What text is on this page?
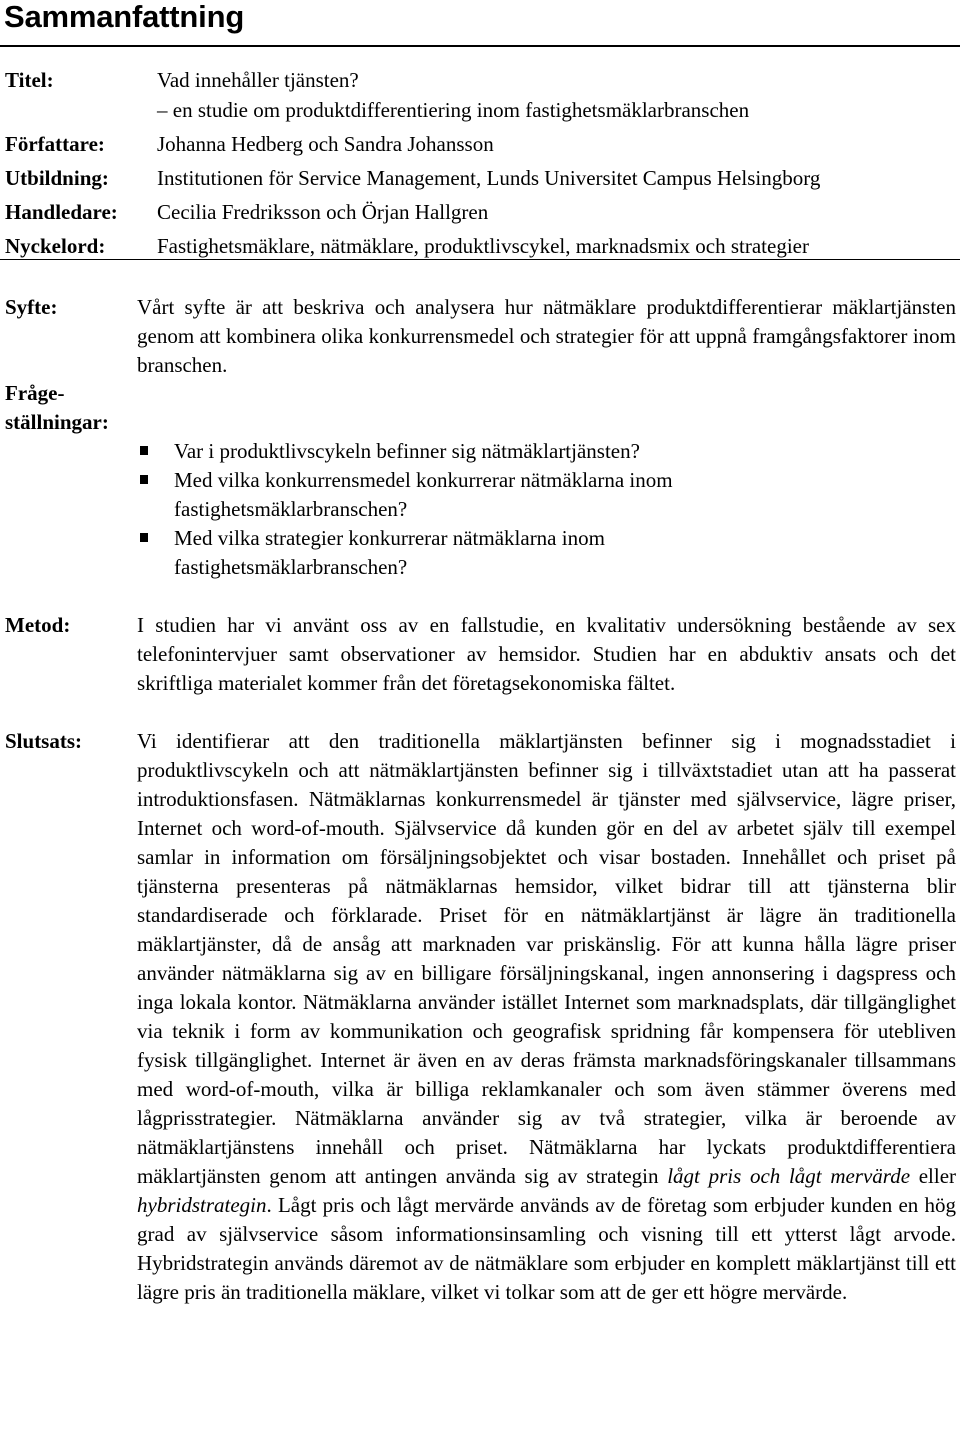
Sammanfattning
Titel:	Vad innehåller tjänsten?
– en studie om produktdifferentiering inom fastighetsmäklarbranschen
Författare: Johanna Hedberg och Sandra Johansson
Utbildning: Institutionen för Service Management, Lunds Universitet Campus Helsingborg
Handledare: Cecilia Fredriksson och Örjan Hallgren
Nyckelord: Fastighetsmäklare, nätmäklare, produktlivscykel, marknadsmix och strategier
Syfte:	Vårt syfte är att beskriva och analysera hur nätmäklare produktdifferentierar mäklartjänsten genom att kombinera olika konkurrensmedel och strategier för att uppnå framgångsfaktorer inom branschen.

Fråge-
ställningar:
Var i produktlivscykeln befinner sig nätmäklartjänsten?
Med vilka konkurrensmedel konkurrerar nätmäklarna inom fastighetsmäklarbranschen?
Med vilka strategier konkurrerar nätmäklarna inom fastighetsmäklarbranschen?
Metod:	I studien har vi använt oss av en fallstudie, en kvalitativ undersökning bestående av sex telefonintervjuer samt observationer av hemsidor. Studien har en abduktiv ansats och det skriftliga materialet kommer från det företagsekonomiska fältet.

Slutsats:	Vi identifierar att den traditionella mäklartjänsten befinner sig i mognadsstadiet i produktlivscykeln och att nätmäklartjänsten befinner sig i tillväxtstadiet utan att ha passerat introduktionsfasen. Nätmäklarnas konkurrensmedel är tjänster med självservice, lägre priser, Internet och word-of-mouth. Självservice då kunden gör en del av arbetet själv till exempel samlar in information om försäljningsobjektet och visar bostaden. Innehållet och priset på tjänsterna presenteras på nätmäklarnas hemsidor, vilket bidrar till att tjänsterna blir standardiserade och förklarade. Priset för en nätmäklartjänst är lägre än traditionella mäklartjänster, då de ansåg att marknaden var priskänslig. För att kunna hålla lägre priser använder nätmäklarna sig av en billigare försäljningskanal, ingen annonsering i dagspress och inga lokala kontor. Nätmäklarna använder istället Internet som marknadsplats, där tillgänglighet via teknik i form av kommunikation och geografisk spridning får kompensera för utebliven fysisk tillgänglighet. Internet är även en av deras främsta marknadsföringskanaler tillsammans med word-of-mouth, vilka är billiga reklamkanaler och som även stämmer överens med lågprisstrategier. Nätmäklarna använder sig av två strategier, vilka är beroende av nätmäklartjänstens innehåll och priset. Nätmäklarna har lyckats produktdifferentiera mäklartjänsten genom att antingen använda sig av strategin lågt pris och lågt mervärde eller hybridstrategin. Lågt pris och lågt mervärde används av de företag som erbjuder kunden en hög grad av självservice såsom informationsinsamling och visning till ett ytterst lågt arvode. Hybridstrategin används däremot av de nätmäklare som erbjuder en komplett mäklartjänst till ett lägre pris än traditionella mäklare, vilket vi tolkar som att de ger ett högre mervärde.
